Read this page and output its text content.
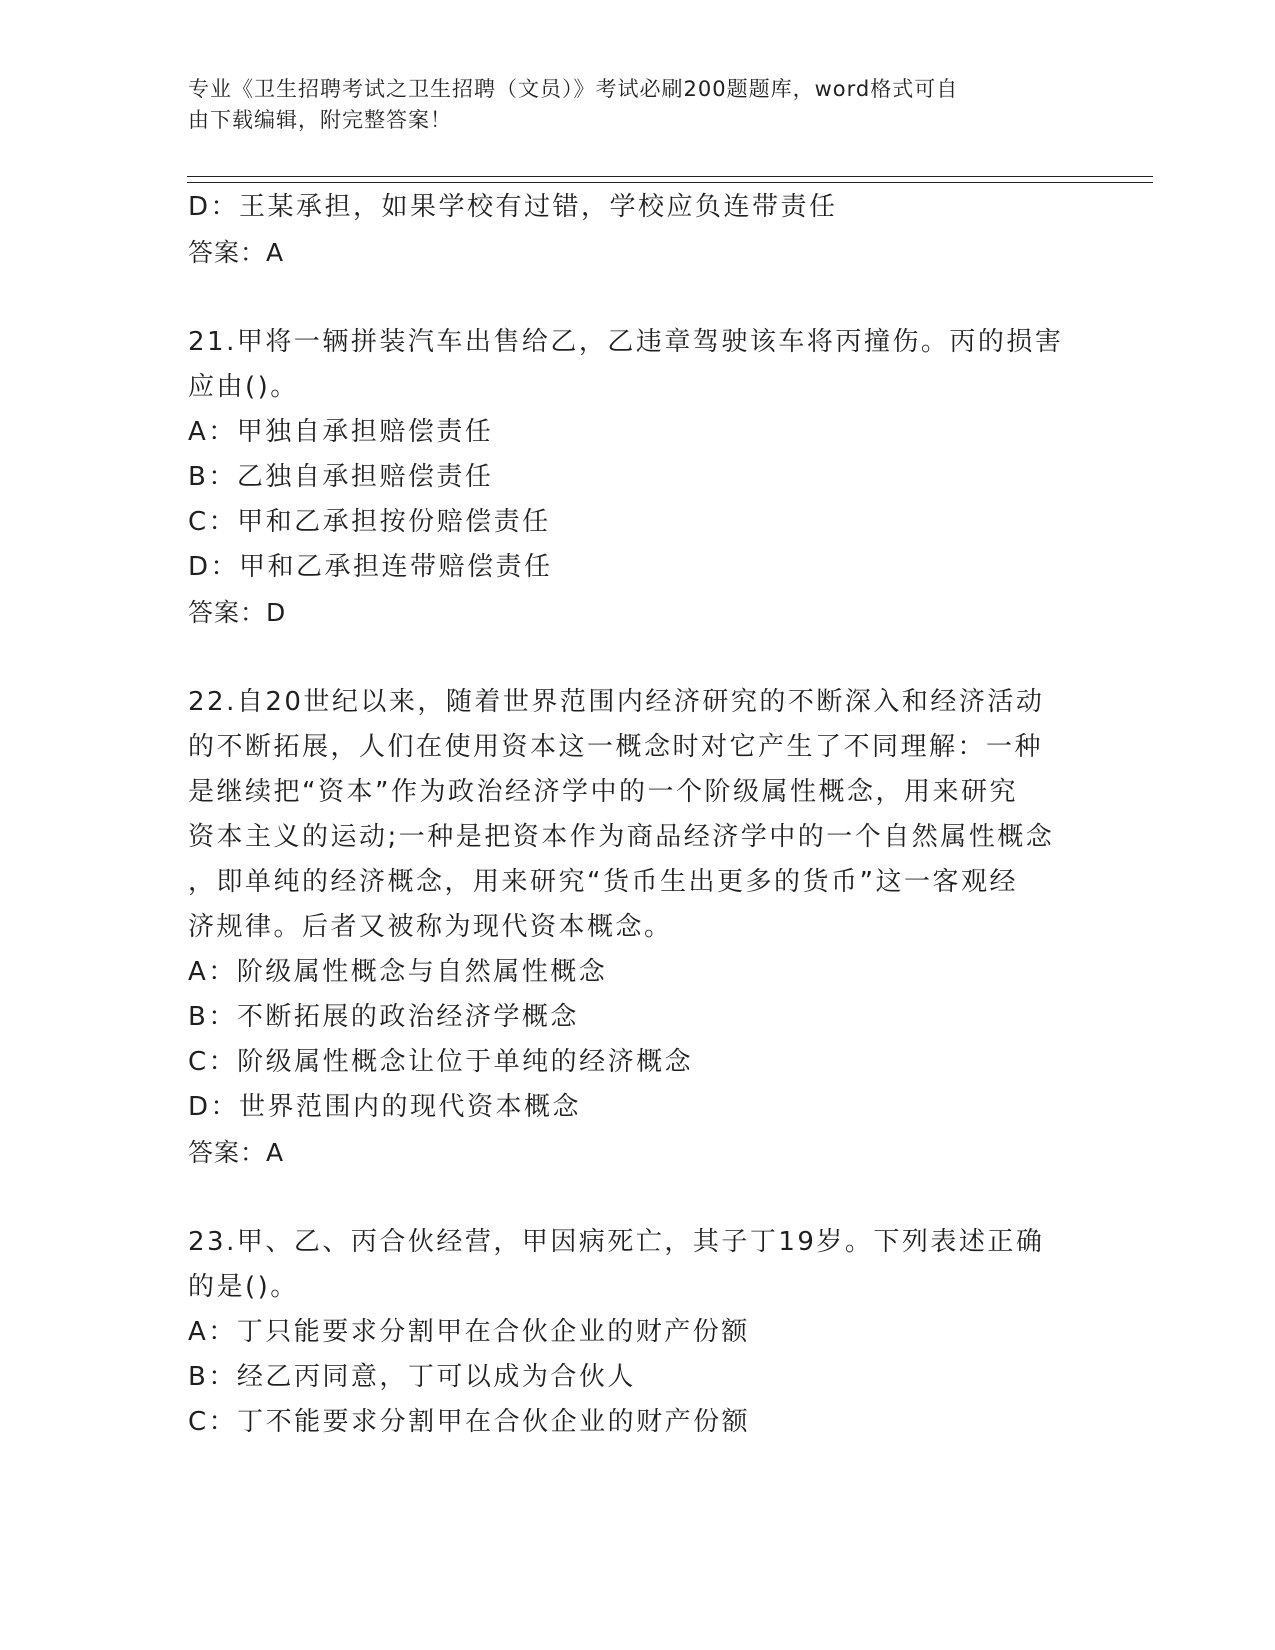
专业《卫生招聘考试之卫生招聘（文员）》考试必刷200题题库，word格式可自
由下载编辑，附完整答案！
D：王某承担，如果学校有过错，学校应负连带责任
答案：A
21.甲将一辆拼装汽车出售给乙，乙违章驾驶该车将丙撞伤。丙的损害
应由()。
A：甲独自承担赔偿责任
B：乙独自承担赔偿责任
C：甲和乙承担按份赔偿责任
D：甲和乙承担连带赔偿责任
答案：D
22.自20世纪以来，随着世界范围内经济研究的不断深入和经济活动
的不断拓展，人们在使用资本这一概念时对它产生了不同理解：一种
是继续把“资本”作为政治经济学中的一个阶级属性概念，用来研究
资本主义的运动;一种是把资本作为商品经济学中的一个自然属性概念
，即单纯的经济概念，用来研究“货币生出更多的货币”这一客观经
济规律。后者又被称为现代资本概念。
A：阶级属性概念与自然属性概念
B：不断拓展的政治经济学概念
C：阶级属性概念让位于单纯的经济概念
D：世界范围内的现代资本概念
答案：A
23.甲、乙、丙合伙经营，甲因病死亡，其子丁19岁。下列表述正确
的是()。
A：丁只能要求分割甲在合伙企业的财产份额
B：经乙丙同意，丁可以成为合伙人
C：丁不能要求分割甲在合伙企业的财产份额
